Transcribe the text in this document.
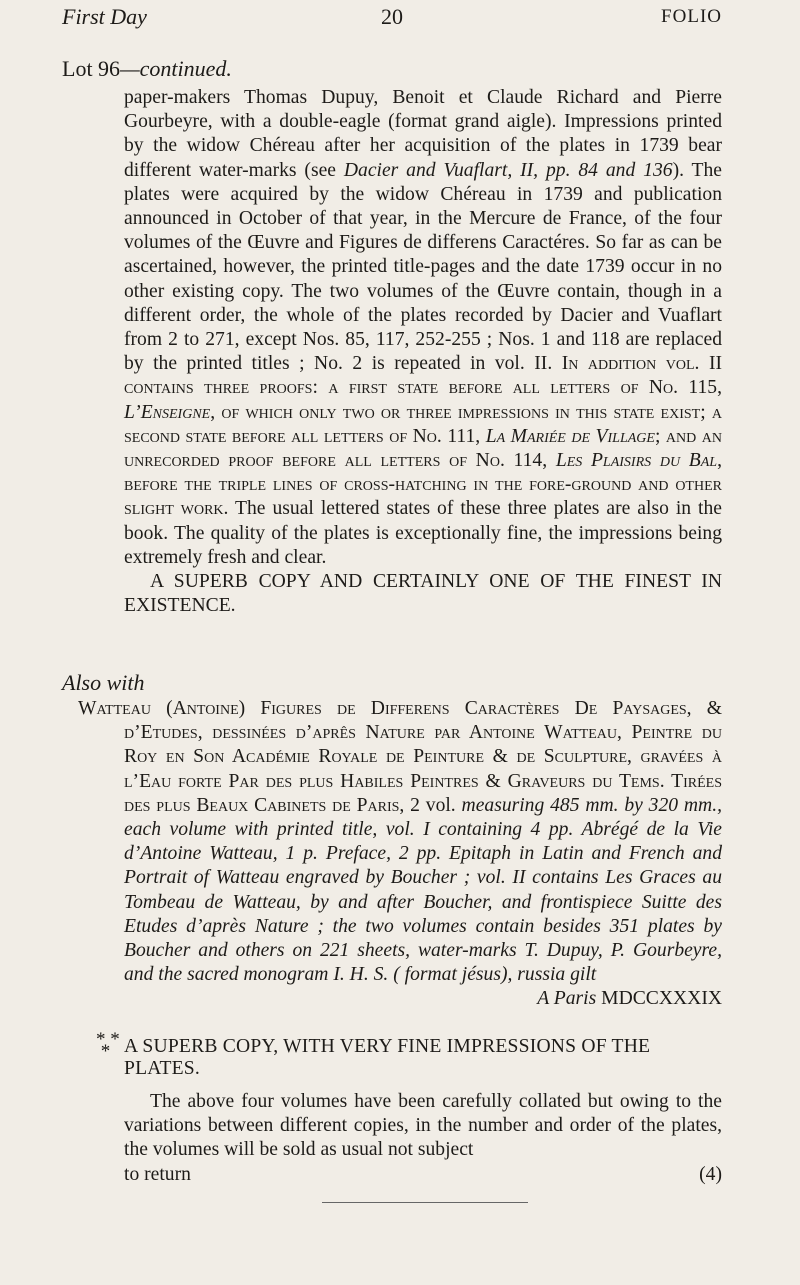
First Day	20	FOLIO
Lot 96—continued.

paper-makers Thomas Dupuy, Benoit et Claude Richard and Pierre Gourbeyre, with a double-eagle (format grand aigle). Impressions printed by the widow Chéreau after her acquisition of the plates in 1739 bear different water-marks (see Dacier and Vuaflart, II, pp. 84 and 136). The plates were acquired by the widow Chéreau in 1739 and publication announced in October of that year, in the Mercure de France, of the four volumes of the Œuvre and Figures de differens Caractéres. So far as can be ascertained, however, the printed title-pages and the date 1739 occur in no other existing copy. The two volumes of the Œuvre contain, though in a different order, the whole of the plates recorded by Dacier and Vuaflart from 2 to 271, except Nos. 85, 117, 252-255 ; Nos. 1 and 118 are replaced by the printed titles ; No. 2 is repeated in vol. II. In addition vol. II contains three proofs: a first state before all letters of No. 115, L’Enseigne, of which only two or three impressions in this state exist; a second state before all letters of No. 111, La Mariée de Village; and an unrecorded proof before all letters of No. 114, Les Plaisirs du Bal, before the triple lines of cross-hatching in the fore-ground and other slight work. The usual lettered states of these three plates are also in the book. The quality of the plates is exceptionally fine, the impressions being extremely fresh and clear.

A SUPERB COPY AND CERTAINLY ONE OF THE FINEST IN EXISTENCE.

Also with

Watteau (Antoine) Figures de Differens Caractères De Paysages, & d’Etudes, dessinées d’aprês Nature par Antoine Watteau, Peintre du Roy en Son Académie Royale de Peinture & de Sculpture, gravées à l’Eau forte Par des plus Habiles Peintres & Graveurs du Tems. Tirées des plus Beaux Cabinets de Paris, 2 vol. measuring 485 mm. by 320 mm., each volume with printed title, vol. I containing 4 pp. Abrégé de la Vie d’Antoine Watteau, 1 p. Preface, 2 pp. Epitaph in Latin and French and Portrait of Watteau engraved by Boucher ; vol. II contains Les Graces au Tombeau de Watteau, by and after Boucher, and frontispiece Suitte des Etudes d’après Nature ; the two volumes contain besides 351 plates by Boucher and others on 221 sheets, water-marks T. Dupuy, P. Gourbeyre, and the sacred monogram I. H. S. ( format jésus), russia gilt

A Paris MDCCXXXIX
* *
* A SUPERB COPY, WITH VERY FINE IMPRESSIONS OF THE PLATES.
The above four volumes have been carefully collated but owing to the variations between different copies, in the number and order of the plates, the volumes will be sold as usual not subject
to return	(4)
